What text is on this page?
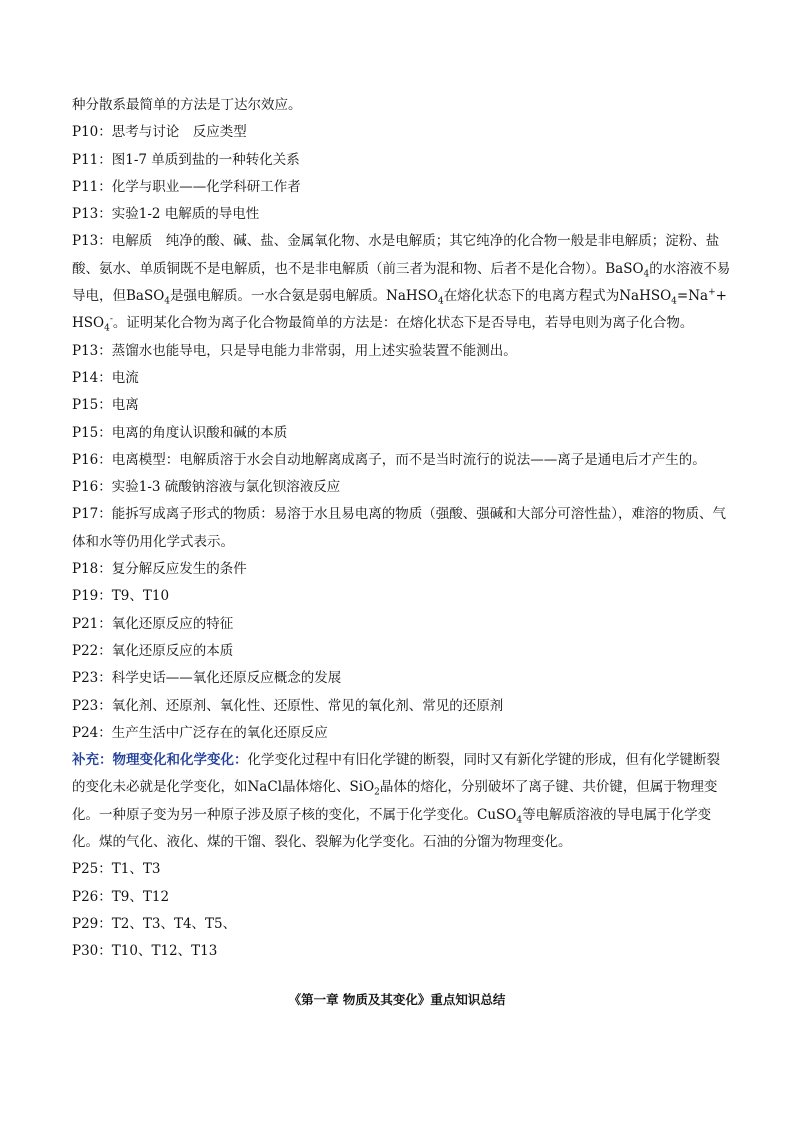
种分散系最简单的方法是丁达尔效应。
P10：思考与讨论　反应类型
P11：图1-7 单质到盐的一种转化关系
P11：化学与职业——化学科研工作者
P13：实验1-2 电解质的导电性
P13：电解质　纯净的酸、碱、盐、金属氧化物、水是电解质；其它纯净的化合物一般是非电解质；淀粉、盐酸、氨水、单质铜既不是电解质，也不是非电解质（前三者为混和物、后者不是化合物）。BaSO$_4$的水溶液不易导电，但BaSO$_4$是强电解质。一水合氨是弱电解质。NaHSO$_4$在熔化状态下的电离方程式为NaHSO$_4$=Na++ $HSO_4^-$。证明某化合物为离子化合物最简单的方法是：在熔化状态下是否导电，若导电则为离子化合物。
P13：蒸馏水也能导电，只是导电能力非常弱，用上述实验装置不能测出。
P14：电流
P15：电离
P15：电离的角度认识酸和碱的本质
P16：电离模型：电解质溶于水会自动地解离成离子，而不是当时流行的说法——离子是通电后才产生的。
P16：实验1-3 硫酸钠溶液与氯化钡溶液反应
P17：能拆写成离子形式的物质：易溶于水且易电离的物质（强酸、强碱和大部分可溶性盐），难溶的物质、气体和水等仍用化学式表示。
P18：复分解反应发生的条件
P19：T9、T10
P21：氧化还原反应的特征
P22：氧化还原反应的本质
P23：科学史话——氧化还原反应概念的发展
P23：氧化剂、还原剂、氧化性、还原性、常见的氧化剂、常见的还原剂
P24：生产生活中广泛存在的氧化还原反应
补充：物理变化和化学变化：化学变化过程中有旧化学键的断裂，同时又有新化学键的形成，但有化学键断裂的变化未必就是化学变化，如NaCl晶体熔化、SiO$_2$晶体的熔化，分别破坏了离子键、共价键，但属于物理变化。一种原子变为另一种原子涉及原子核的变化，不属于化学变化。CuSO$_4$等电解质溶液的导电属于化学变化。煤的气化、液化、煤的干馏、裂化、裂解为化学变化。石油的分馏为物理变化。
P25：T1、T3
P26：T9、T12
P29：T2、T3、T4、T5、
P30：T10、T12、T13
《第一章 物质及其变化》重点知识总结
